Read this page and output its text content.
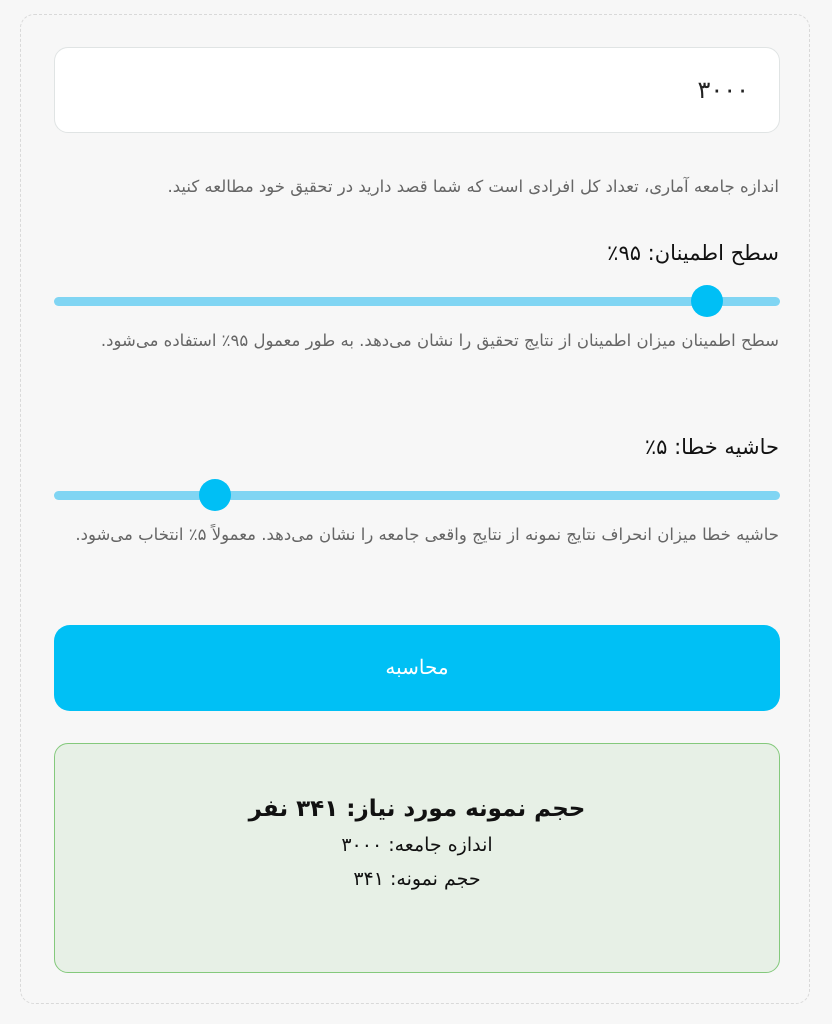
۳۰۰۰
اندازه جامعه آماری، تعداد کل افرادی است که شما قصد دارید در تحقیق خود مطالعه کنید.
سطح اطمینان: ۹۵٪
سطح اطمینان میزان اطمینان از نتایج تحقیق را نشان می‌دهد. به طور معمول ۹۵٪ استفاده می‌شود.
حاشیه خطا: ۵٪
حاشیه خطا میزان انحراف نتایج نمونه از نتایج واقعی جامعه را نشان می‌دهد. معمولاً ۵٪ انتخاب می‌شود.
محاسبه
حجم نمونه مورد نیاز: ۳۴۱ نفر
اندازه جامعه: ۳۰۰۰
حجم نمونه: ۳۴۱
